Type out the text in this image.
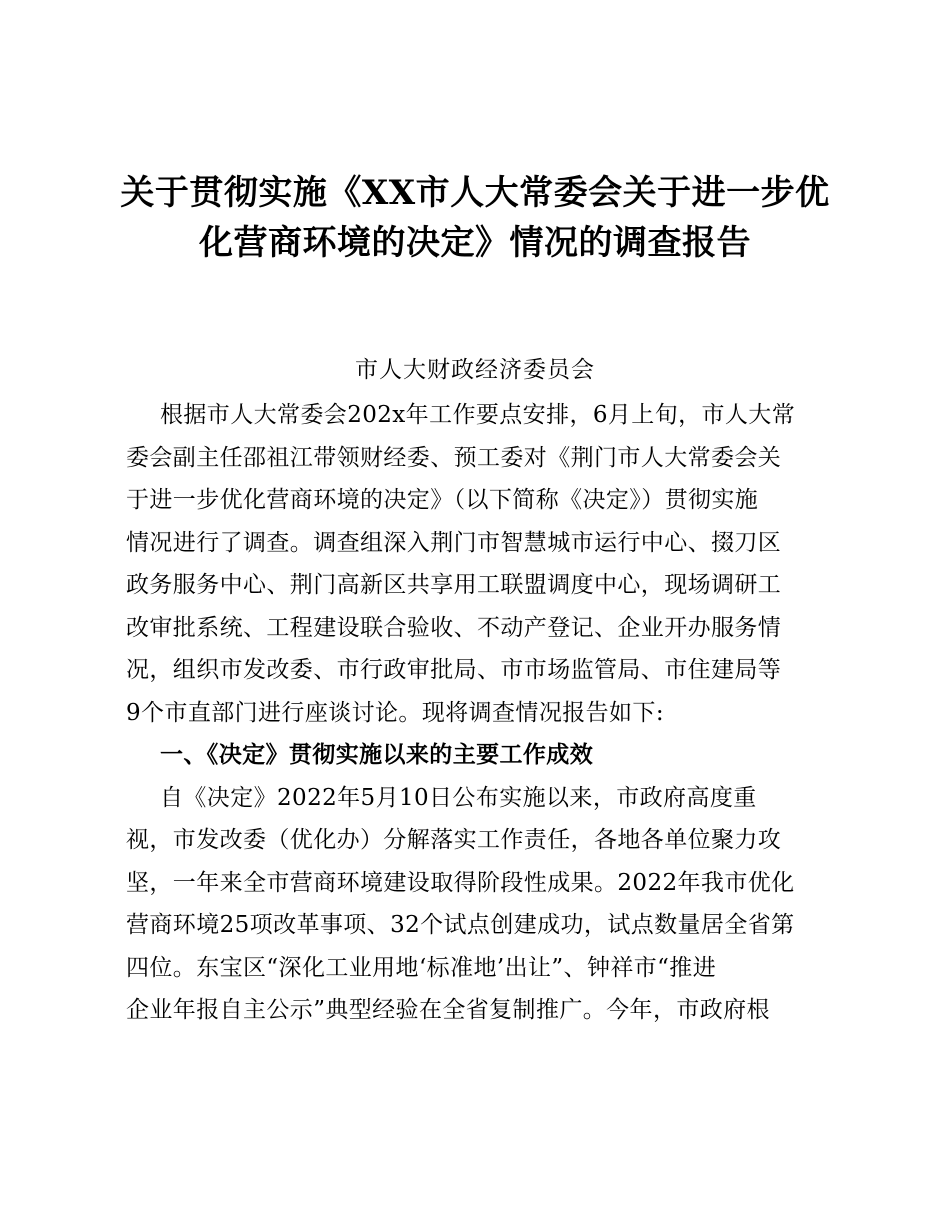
关于贯彻实施《XX市人大常委会关于进一步优
化营商环境的决定》情况的调查报告
市人大财政经济委员会
根据市人大常委会202x年工作要点安排，6月上旬，市人大常
委会副主任邵祖江带领财经委、预工委对《荆门市人大常委会关
于进一步优化营商环境的决定》（以下简称《决定》）贯彻实施
情况进行了调查。调查组深入荆门市智慧城市运行中心、掇刀区
政务服务中心、荆门高新区共享用工联盟调度中心，现场调研工
改审批系统、工程建设联合验收、不动产登记、企业开办服务情
况，组织市发改委、市行政审批局、市市场监管局、市住建局等
9个市直部门进行座谈讨论。现将调查情况报告如下:
一、《决定》贯彻实施以来的主要工作成效
自《决定》2022年5月10日公布实施以来，市政府高度重
视，市发改委（优化办）分解落实工作责任，各地各单位聚力攻
坚，一年来全市营商环境建设取得阶段性成果。2022年我市优化
营商环境25项改革事项、32个试点创建成功，试点数量居全省第
四位。东宝区“深化工业用地‘标准地’出让”、钟祥市“推进
企业年报自主公示”典型经验在全省复制推广。今年，市政府根
